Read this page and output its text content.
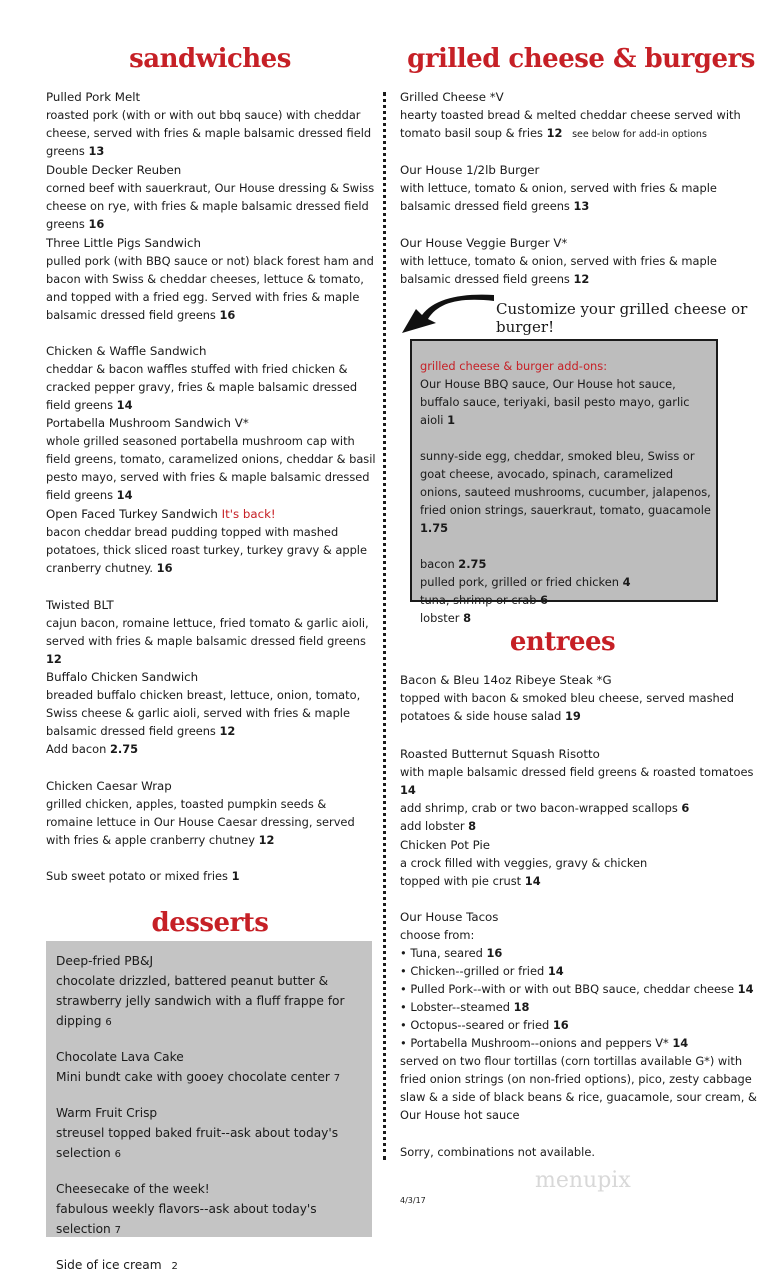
sandwiches
Pulled Pork Melt
roasted pork (with or with out bbq sauce) with cheddar cheese, served with fries & maple balsamic dressed field greens 13
Double Decker Reuben
corned beef with sauerkraut, Our House dressing & Swiss cheese on rye, with fries & maple balsamic dressed field greens 16
Three Little Pigs Sandwich
pulled pork (with BBQ sauce or not) black forest ham and bacon with Swiss & cheddar cheeses, lettuce & tomato, and topped with a fried egg. Served with fries & maple balsamic dressed field greens 16
Chicken & Waffle Sandwich
cheddar & bacon waffles stuffed with fried chicken & cracked pepper gravy, fries & maple balsamic dressed field greens 14
Portabella Mushroom Sandwich V*
whole grilled seasoned portabella mushroom cap with field greens, tomato, caramelized onions, cheddar & basil pesto mayo, served with fries & maple balsamic dressed field greens 14
Open Faced Turkey Sandwich It's back!
bacon cheddar bread pudding topped with mashed potatoes, thick sliced roast turkey, turkey gravy & apple cranberry chutney. 16
Twisted BLT
cajun bacon, romaine lettuce, fried tomato & garlic aioli, served with fries & maple balsamic dressed field greens 12
Buffalo Chicken Sandwich
breaded buffalo chicken breast, lettuce, onion, tomato, Swiss cheese & garlic aioli, served with fries & maple balsamic dressed field greens 12
Add bacon 2.75
Chicken Caesar Wrap
grilled chicken, apples, toasted pumpkin seeds & romaine lettuce in Our House Caesar dressing, served with fries & apple cranberry chutney 12
Sub sweet potato or mixed fries 1
desserts
Deep-fried PB&J
chocolate drizzled, battered peanut butter & strawberry jelly sandwich with a fluff frappe for dipping 6
Chocolate Lava Cake
Mini bundt cake with gooey chocolate center 7
Warm Fruit Crisp
streusel topped baked fruit--ask about today's selection 6
Cheesecake of the week!
fabulous weekly flavors--ask about today's selection 7
Side of ice cream 2
grilled cheese & burgers
Grilled Cheese *V
hearty toasted bread & melted cheddar cheese served with tomato basil soup & fries 12 see below for add-in options
Our House 1/2lb Burger
with lettuce, tomato & onion, served with fries & maple balsamic dressed field greens 13
Our House Veggie Burger V*
with lettuce, tomato & onion, served with fries & maple balsamic dressed field greens 12
Customize your grilled cheese or burger!
grilled cheese & burger add-ons:
Our House BBQ sauce, Our House hot sauce, buffalo sauce, teriyaki, basil pesto mayo, garlic aioli 1
sunny-side egg, cheddar, smoked bleu, Swiss or goat cheese, avocado, spinach, caramelized onions, sauteed mushrooms, cucumber, jalapenos, fried onion strings, sauerkraut, tomato, guacamole 1.75
bacon 2.75
pulled pork, grilled or fried chicken 4
tuna, shrimp or crab 6
lobster 8
entrees
Bacon & Bleu 14oz Ribeye Steak *G
topped with bacon & smoked bleu cheese, served mashed potatoes & side house salad 19
Roasted Butternut Squash Risotto
with maple balsamic dressed field greens & roasted tomatoes 14
add shrimp, crab or two bacon-wrapped scallops 6
add lobster 8
Chicken Pot Pie
a crock filled with veggies, gravy & chicken topped with pie crust 14
Our House Tacos
choose from:
• Tuna, seared 16
• Chicken--grilled or fried 14
• Pulled Pork--with or with out BBQ sauce, cheddar cheese 14
• Lobster--steamed 18
• Octopus--seared or fried 16
• Portabella Mushroom--onions and peppers V* 14
served on two flour tortillas (corn tortillas available G*) with fried onion strings (on non-fried options), pico, zesty cabbage slaw & a side of black beans & rice, guacamole, sour cream, & Our House hot sauce
Sorry, combinations not available.
4/3/17
menupix
